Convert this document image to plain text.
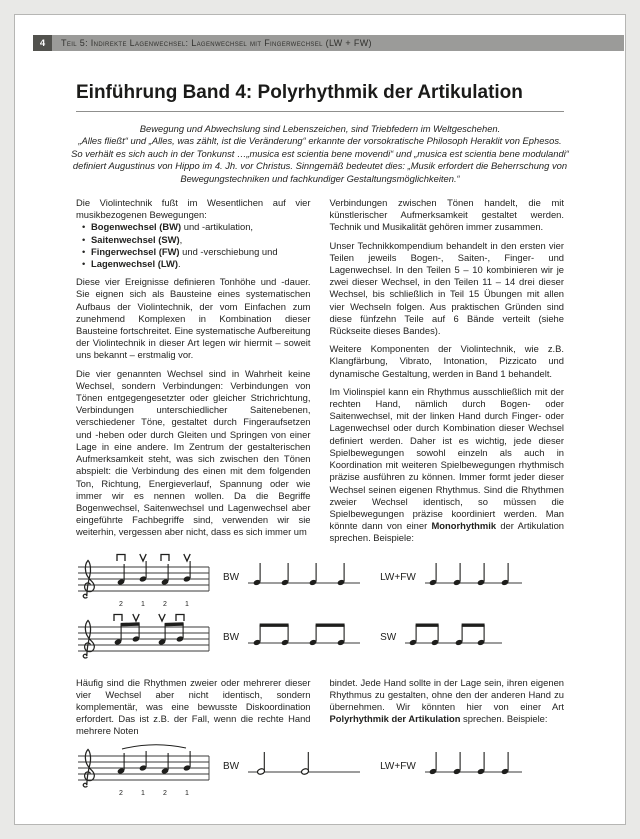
4	Teil 5: Indirekte Lagenwechsel: Lagenwechsel mit Fingerwechsel (LW + FW)
Einführung Band 4: Polyrhythmik der Artikulation
Bewegung und Abwechslung sind Lebenszeichen, sind Triebfedern im Weltgeschehen.
„Alles fließt“ und „Alles, was zählt, ist die Veränderung“ erkannte der vorsokratische Philosoph Heraklit von Ephesos.
So verhält es sich auch in der Tonkunst …„musica est scientia bene movendi“ und „musica est scientia bene modulandi“
definiert Augustinus von Hippo im 4. Jh. vor Christus. Sinngemäß bedeutet dies: „Musik erfordert die Beherrschung von
Bewegungstechniken und fachkundiger Gestaltungsmöglichkeiten.“

Die Violintechnik fußt im Wesentlichen auf vier musikbezogenen Bewegungen:

• Bogenwechsel (BW) und -artikulation,
• Saitenwechsel (SW),
• Fingerwechsel (FW) und -verschiebung und
• Lagenwechsel (LW).

Diese vier Ereignisse definieren Tonhöhe und -dauer. Sie eignen sich als Bausteine eines systematischen Aufbaus der Violintechnik, der vom Einfachen zum zunehmend Komplexen in Kombination dieser Bausteine fortschreitet. Eine systematische Aufbereitung der Violintechnik in dieser Art legen wir hiermit – soweit uns bekannt – erstmalig vor.

Die vier genannten Wechsel sind in Wahrheit keine Wechsel, sondern Verbindungen: Verbindungen von Tönen entgegengesetzter oder gleicher Strichrichtung, Verbindungen unterschiedlicher Saitenebenen, verschiedener Töne, gestaltet durch Fingeraufsetzen und -heben oder durch Gleiten und Springen von einer Lage in eine andere. Im Zentrum der gestalterischen Aufmerksamkeit steht, was sich zwischen den Tönen abspielt: die Verbindung des einen mit dem folgenden Ton, Richtung, Energieverlauf, Spannung oder wie immer wir es nennen wollen. Da die Begriffe Bogenwechsel, Saitenwechsel und Lagenwechsel aber eingeführte Fachbegriffe sind, verwenden wir sie weiterhin, vergessen aber nicht, dass es sich immer um

Verbindungen zwischen Tönen handelt, die mit künstlerischer Aufmerksamkeit gestaltet werden. Technik und Musikalität gehören immer zusammen.

Unser Technikkompendium behandelt in den ersten vier Teilen jeweils Bogen-, Saiten-, Finger- und Lagenwechsel. In den Teilen 5 – 10 kombinieren wir je zwei dieser Wechsel, in den Teilen 11 – 14 drei dieser Wechsel, bis schließlich in Teil 15 Übungen mit allen vier Wechseln folgen. Aus praktischen Gründen sind diese fünfzehn Teile auf 6 Bände verteilt (siehe Rückseite dieses Bandes).

Weitere Komponenten der Violintechnik, wie z.B. Klangfärbung, Vibrato, Intonation, Pizzicato und dynamische Gestaltung, werden in Band 1 behandelt.

Im Violinspiel kann ein Rhythmus ausschließlich mit der rechten Hand, nämlich durch Bogen- oder Saitenwechsel, mit der linken Hand durch Finger- oder Lagenwechsel oder durch Kombination dieser Wechsel definiert werden. Daher ist es wichtig, jede dieser Spielbewegungen sowohl einzeln als auch in Koordination mit weiteren Spielbewegungen rhythmisch präzise ausführen zu können. Immer formt jeder dieser Wechsel seinen eigenen Rhythmus. Sind die Rhythmen zweier Wechsel identisch, so müssen die Spielbewegungen präzise koordiniert werden. Man könnte dann von einer Monorhythmik der Artikulation sprechen. Beispiele:

2	1	2	1
BW	LW+FW
BW	SW

Häufig sind die Rhythmen zweier oder mehrerer dieser vier Wechsel aber nicht identisch, sondern komplementär, was eine bewusste Diskoordination erfordert. Das ist z.B. der Fall, wenn die rechte Hand mehrere Noten

bindet. Jede Hand sollte in der Lage sein, ihren eigenen Rhythmus zu gestalten, ohne den der anderen Hand zu übernehmen. Wir könnten hier von einer Art Polyrhythmik der Artikulation sprechen. Beispiele:

2	1	2	1
BW	LW+FW
